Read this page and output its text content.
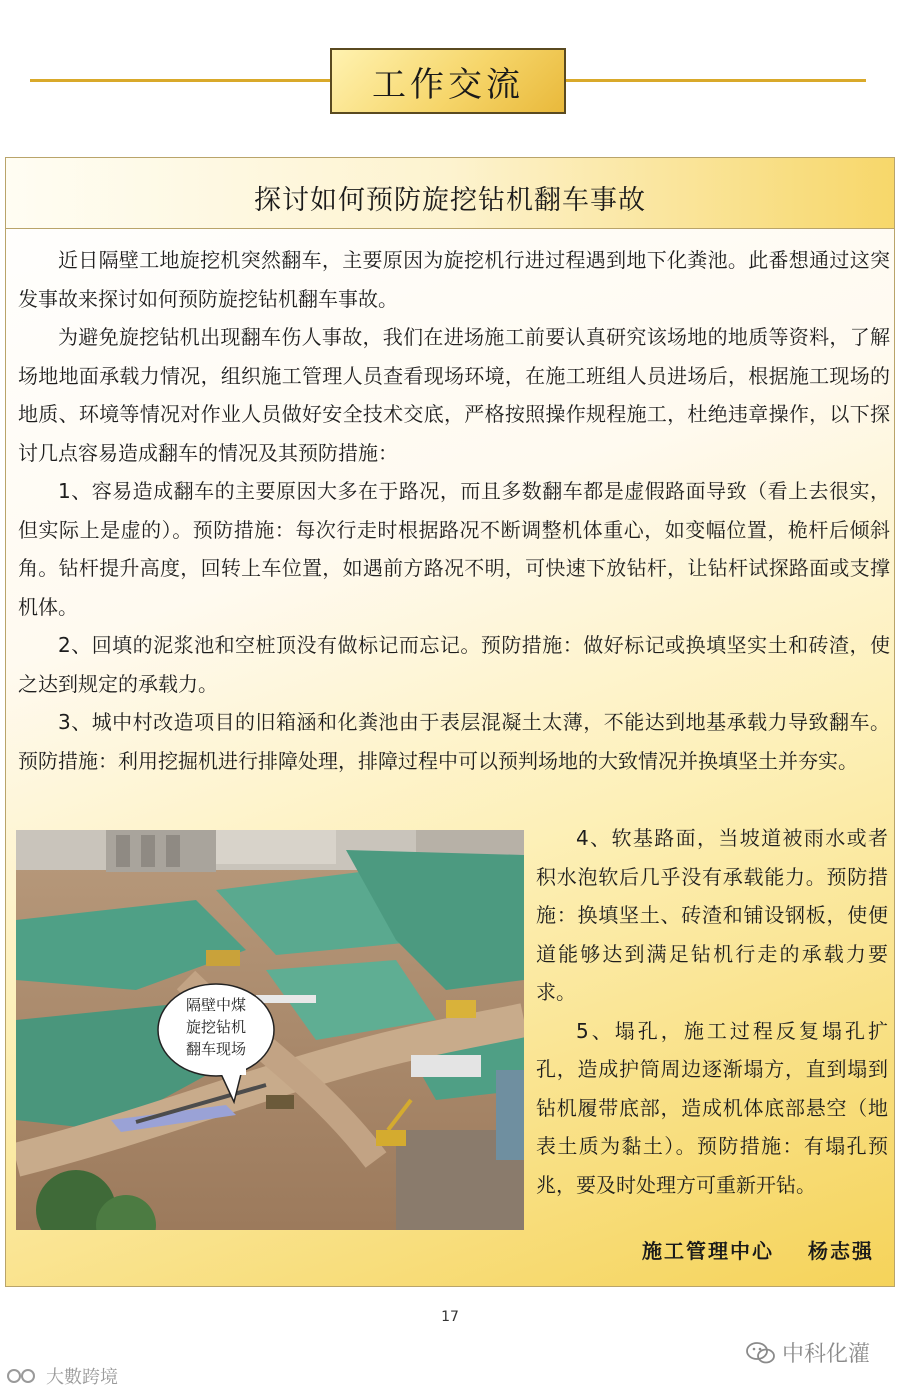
工作交流
探讨如何预防旋挖钻机翻车事故

近日隔壁工地旋挖机突然翻车，主要原因为旋挖机行进过程遇到地下化粪池。此番想通过这突发事故来探讨如何预防旋挖钻机翻车事故。

为避免旋挖钻机出现翻车伤人事故，我们在进场施工前要认真研究该场地的地质等资料，了解场地地面承载力情况，组织施工管理人员查看现场环境，在施工班组人员进场后，根据施工现场的地质、环境等情况对作业人员做好安全技术交底，严格按照操作规程施工，杜绝违章操作，以下探讨几点容易造成翻车的情况及其预防措施：

1、容易造成翻车的主要原因大多在于路况，而且多数翻车都是虚假路面导致（看上去很实，但实际上是虚的）。预防措施：每次行走时根据路况不断调整机体重心，如变幅位置，桅杆后倾斜角。钻杆提升高度，回转上车位置，如遇前方路况不明，可快速下放钻杆，让钻杆试探路面或支撑机体。

2、回填的泥浆池和空桩顶没有做标记而忘记。预防措施：做好标记或换填坚实土和砖渣，使之达到规定的承载力。

3、城中村改造项目的旧箱涵和化粪池由于表层混凝土太薄，不能达到地基承载力导致翻车。预防措施：利用挖掘机进行排障处理，排障过程中可以预判场地的大致情况并换填坚土并夯实。

隔壁中煤
旋挖钻机
翻车现场

4、软基路面，当坡道被雨水或者积水泡软后几乎没有承载能力。预防措施：换填坚土、砖渣和铺设钢板，使便道能够达到满足钻机行走的承载力要求。

5、塌孔，施工过程反复塌孔扩孔，造成护筒周边逐渐塌方，直到塌到钻机履带底部，造成机体底部悬空（地表土质为黏土）。预防措施：有塌孔预兆，要及时处理方可重新开钻。

施工管理中心 杨志强
17
中科化灌
大數跨境
